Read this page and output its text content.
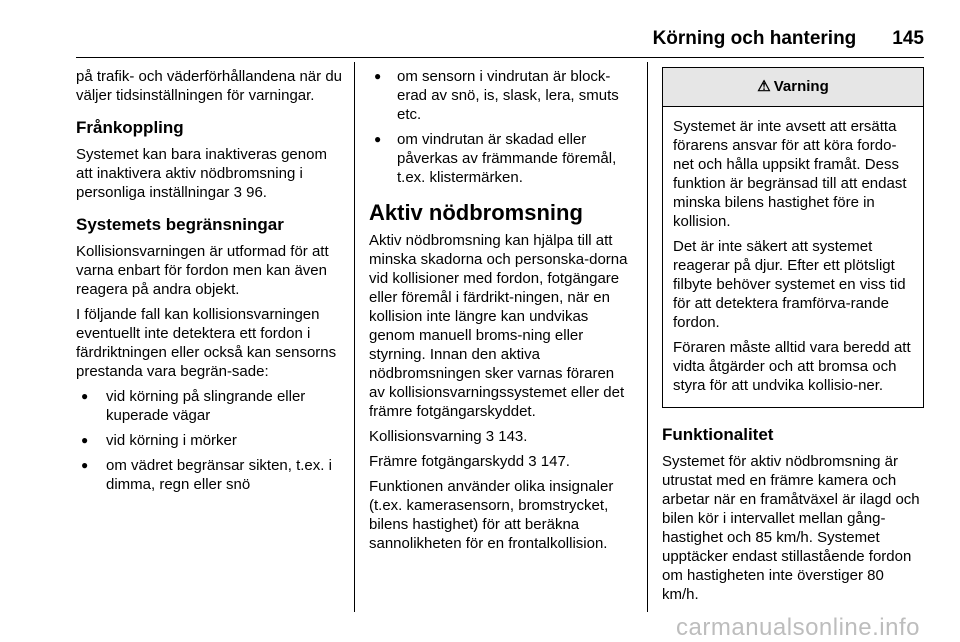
Körning och hantering 145

på trafik- och väderförhållandena när du väljer tidsinställningen för varningar.

Frånkoppling

Systemet kan bara inaktiveras genom att inaktivera aktiv nödbromsning i personliga inställningar 3 96.

Systemets begränsningar

Kollisionsvarningen är utformad för att varna enbart för fordon men kan även reagera på andra objekt.

I följande fall kan kollisionsvarningen eventuellt inte detektera ett fordon i färdriktningen eller också kan sensorns prestanda vara begrän-sade:

● vid körning på slingrande eller kuperade vägar
● vid körning i mörker
● om vädret begränsar sikten, t.ex. i dimma, regn eller snö
● om sensorn i vindrutan är block-erad av snö, is, slask, lera, smuts etc.
● om vindrutan är skadad eller påverkas av främmande föremål, t.ex. klistermärken.
Aktiv nödbromsning

Aktiv nödbromsning kan hjälpa till att minska skadorna och personska-dorna vid kollisioner med fordon, fotgängare eller föremål i färdrikt-ningen, när en kollision inte längre kan undvikas genom manuell broms-ning eller styrning. Innan den aktiva nödbromsningen sker varnas föraren av kollisionsvarningssystemet eller det främre fotgängarskyddet.

Kollisionsvarning 3 143.

Främre fotgängarskydd 3 147.

Funktionen använder olika insignaler (t.ex. kamerasensorn, bromstrycket, bilens hastighet) för att beräkna sannolikheten för en frontalkollision.

⚠ Varning

Systemet är inte avsett att ersätta förarens ansvar för att köra fordo-net och hålla uppsikt framåt. Dess funktion är begränsad till att endast minska bilens hastighet före in kollision.

Det är inte säkert att systemet reagerar på djur. Efter ett plötsligt filbyte behöver systemet en viss tid för att detektera framförva-rande fordon.

Föraren måste alltid vara beredd att vidta åtgärder och att bromsa och styra för att undvika kollisio-ner.

Funktionalitet

Systemet för aktiv nödbromsning är utrustat med en främre kamera och arbetar när en framåtväxel är ilagd och bilen kör i intervallet mellan gång-hastighet och 85 km/h. Systemet upptäcker endast stillastående fordon om hastigheten inte överstiger 80 km/h.

carmanualsonline.info
